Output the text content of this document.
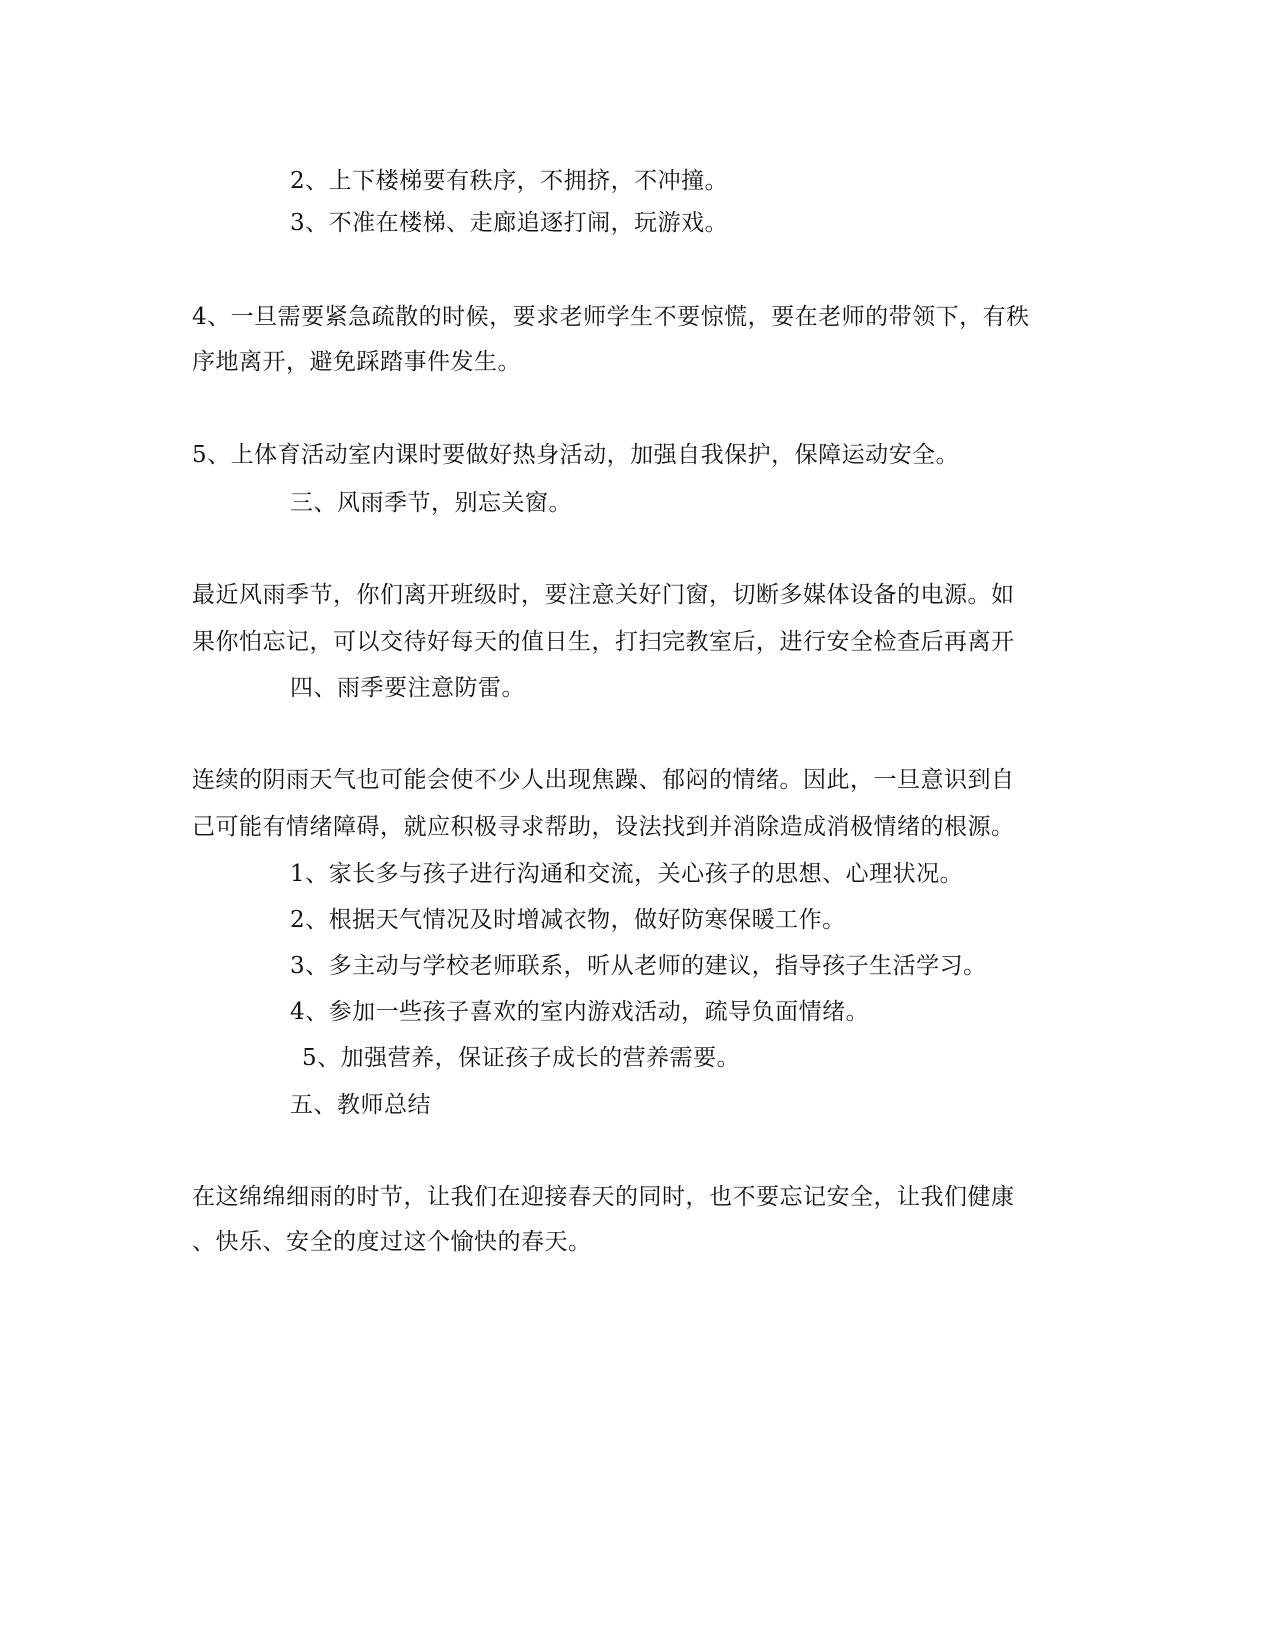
2、上下楼梯要有秩序，不拥挤，不冲撞。
3、不准在楼梯、走廊追逐打闹，玩游戏。
4、一旦需要紧急疏散的时候，要求老师学生不要惊慌，要在老师的带领下，有秩
序地离开，避免踩踏事件发生。
5、上体育活动室内课时要做好热身活动，加强自我保护，保障运动安全。
三、风雨季节，别忘关窗。
最近风雨季节，你们离开班级时，要注意关好门窗，切断多媒体设备的电源。如
果你怕忘记，可以交待好每天的值日生，打扫完教室后，进行安全检查后再离开
四、雨季要注意防雷。
连续的阴雨天气也可能会使不少人出现焦躁、郁闷的情绪。因此，一旦意识到自
己可能有情绪障碍，就应积极寻求帮助，设法找到并消除造成消极情绪的根源。
1、家长多与孩子进行沟通和交流，关心孩子的思想、心理状况。
2、根据天气情况及时增减衣物，做好防寒保暖工作。
3、多主动与学校老师联系，听从老师的建议，指导孩子生活学习。
4、参加一些孩子喜欢的室内游戏活动，疏导负面情绪。
5、加强营养，保证孩子成长的营养需要。
五、教师总结
在这绵绵细雨的时节，让我们在迎接春天的同时，也不要忘记安全，让我们健康
、快乐、安全的度过这个愉快的春天。
